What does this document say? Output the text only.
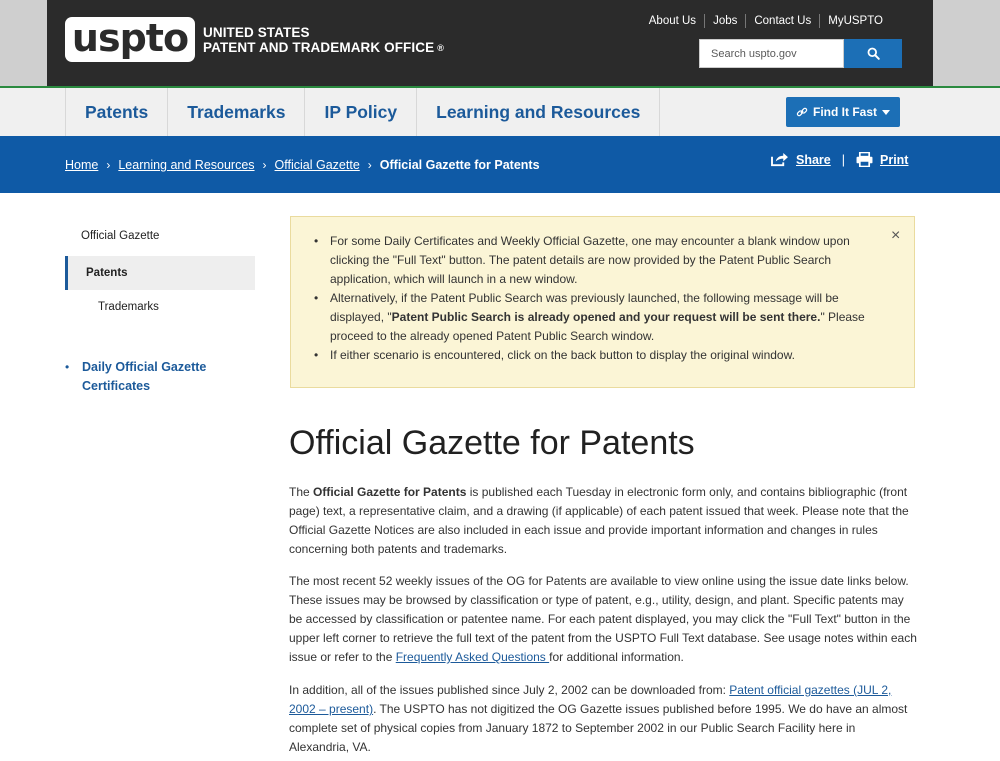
uspto UNITED STATES
PATENT AND TRADEMARK OFFICE ®
About Us	Jobs	Contact Us	MyUSPTO
Search uspto.gov
Patents	Trademarks	IP Policy	Learning and Resources	Find It Fast
Home › Learning and Resources › Official Gazette › Official Gazette for Patents	Share |	Print
Official Gazette
Patents
Trademarks
•	Daily Official Gazette Certificates
• For some Daily Certificates and Weekly Official Gazette, one may encounter a blank window upon clicking the "Full Text" button. The patent details are now provided by the Patent Public Search application, which will launch in a new window.
• Alternatively, if the Patent Public Search was previously launched, the following message will be displayed, "Patent Public Search is already opened and your request will be sent there." Please proceed to the already opened Patent Public Search window.
• If either scenario is encountered, click on the back button to display the original window.
×
Official Gazette for Patents

The Official Gazette for Patents is published each Tuesday in electronic form only, and contains bibliographic (front page) text, a representative claim, and a drawing (if applicable) of each patent issued that week. Please note that the Official Gazette Notices are also included in each issue and provide important information and changes in rules concerning both patents and trademarks.

The most recent 52 weekly issues of the OG for Patents are available to view online using the issue date links below. These issues may be browsed by classification or type of patent, e.g., utility, design, and plant. Specific patents may be accessed by classification or patentee name. For each patent displayed, you may click the "Full Text" button in the upper left corner to retrieve the full text of the patent from the USPTO Full Text database. See usage notes within each issue or refer to the Frequently Asked Questions for additional information.

In addition, all of the issues published since July 2, 2002 can be downloaded from: Patent official gazettes (JUL 2, 2002 – present). The USPTO has not digitized the OG Gazette issues published before 1995. We do have an almost complete set of physical copies from January 1872 to September 2002 in our Public Search Facility here in Alexandria, VA.
